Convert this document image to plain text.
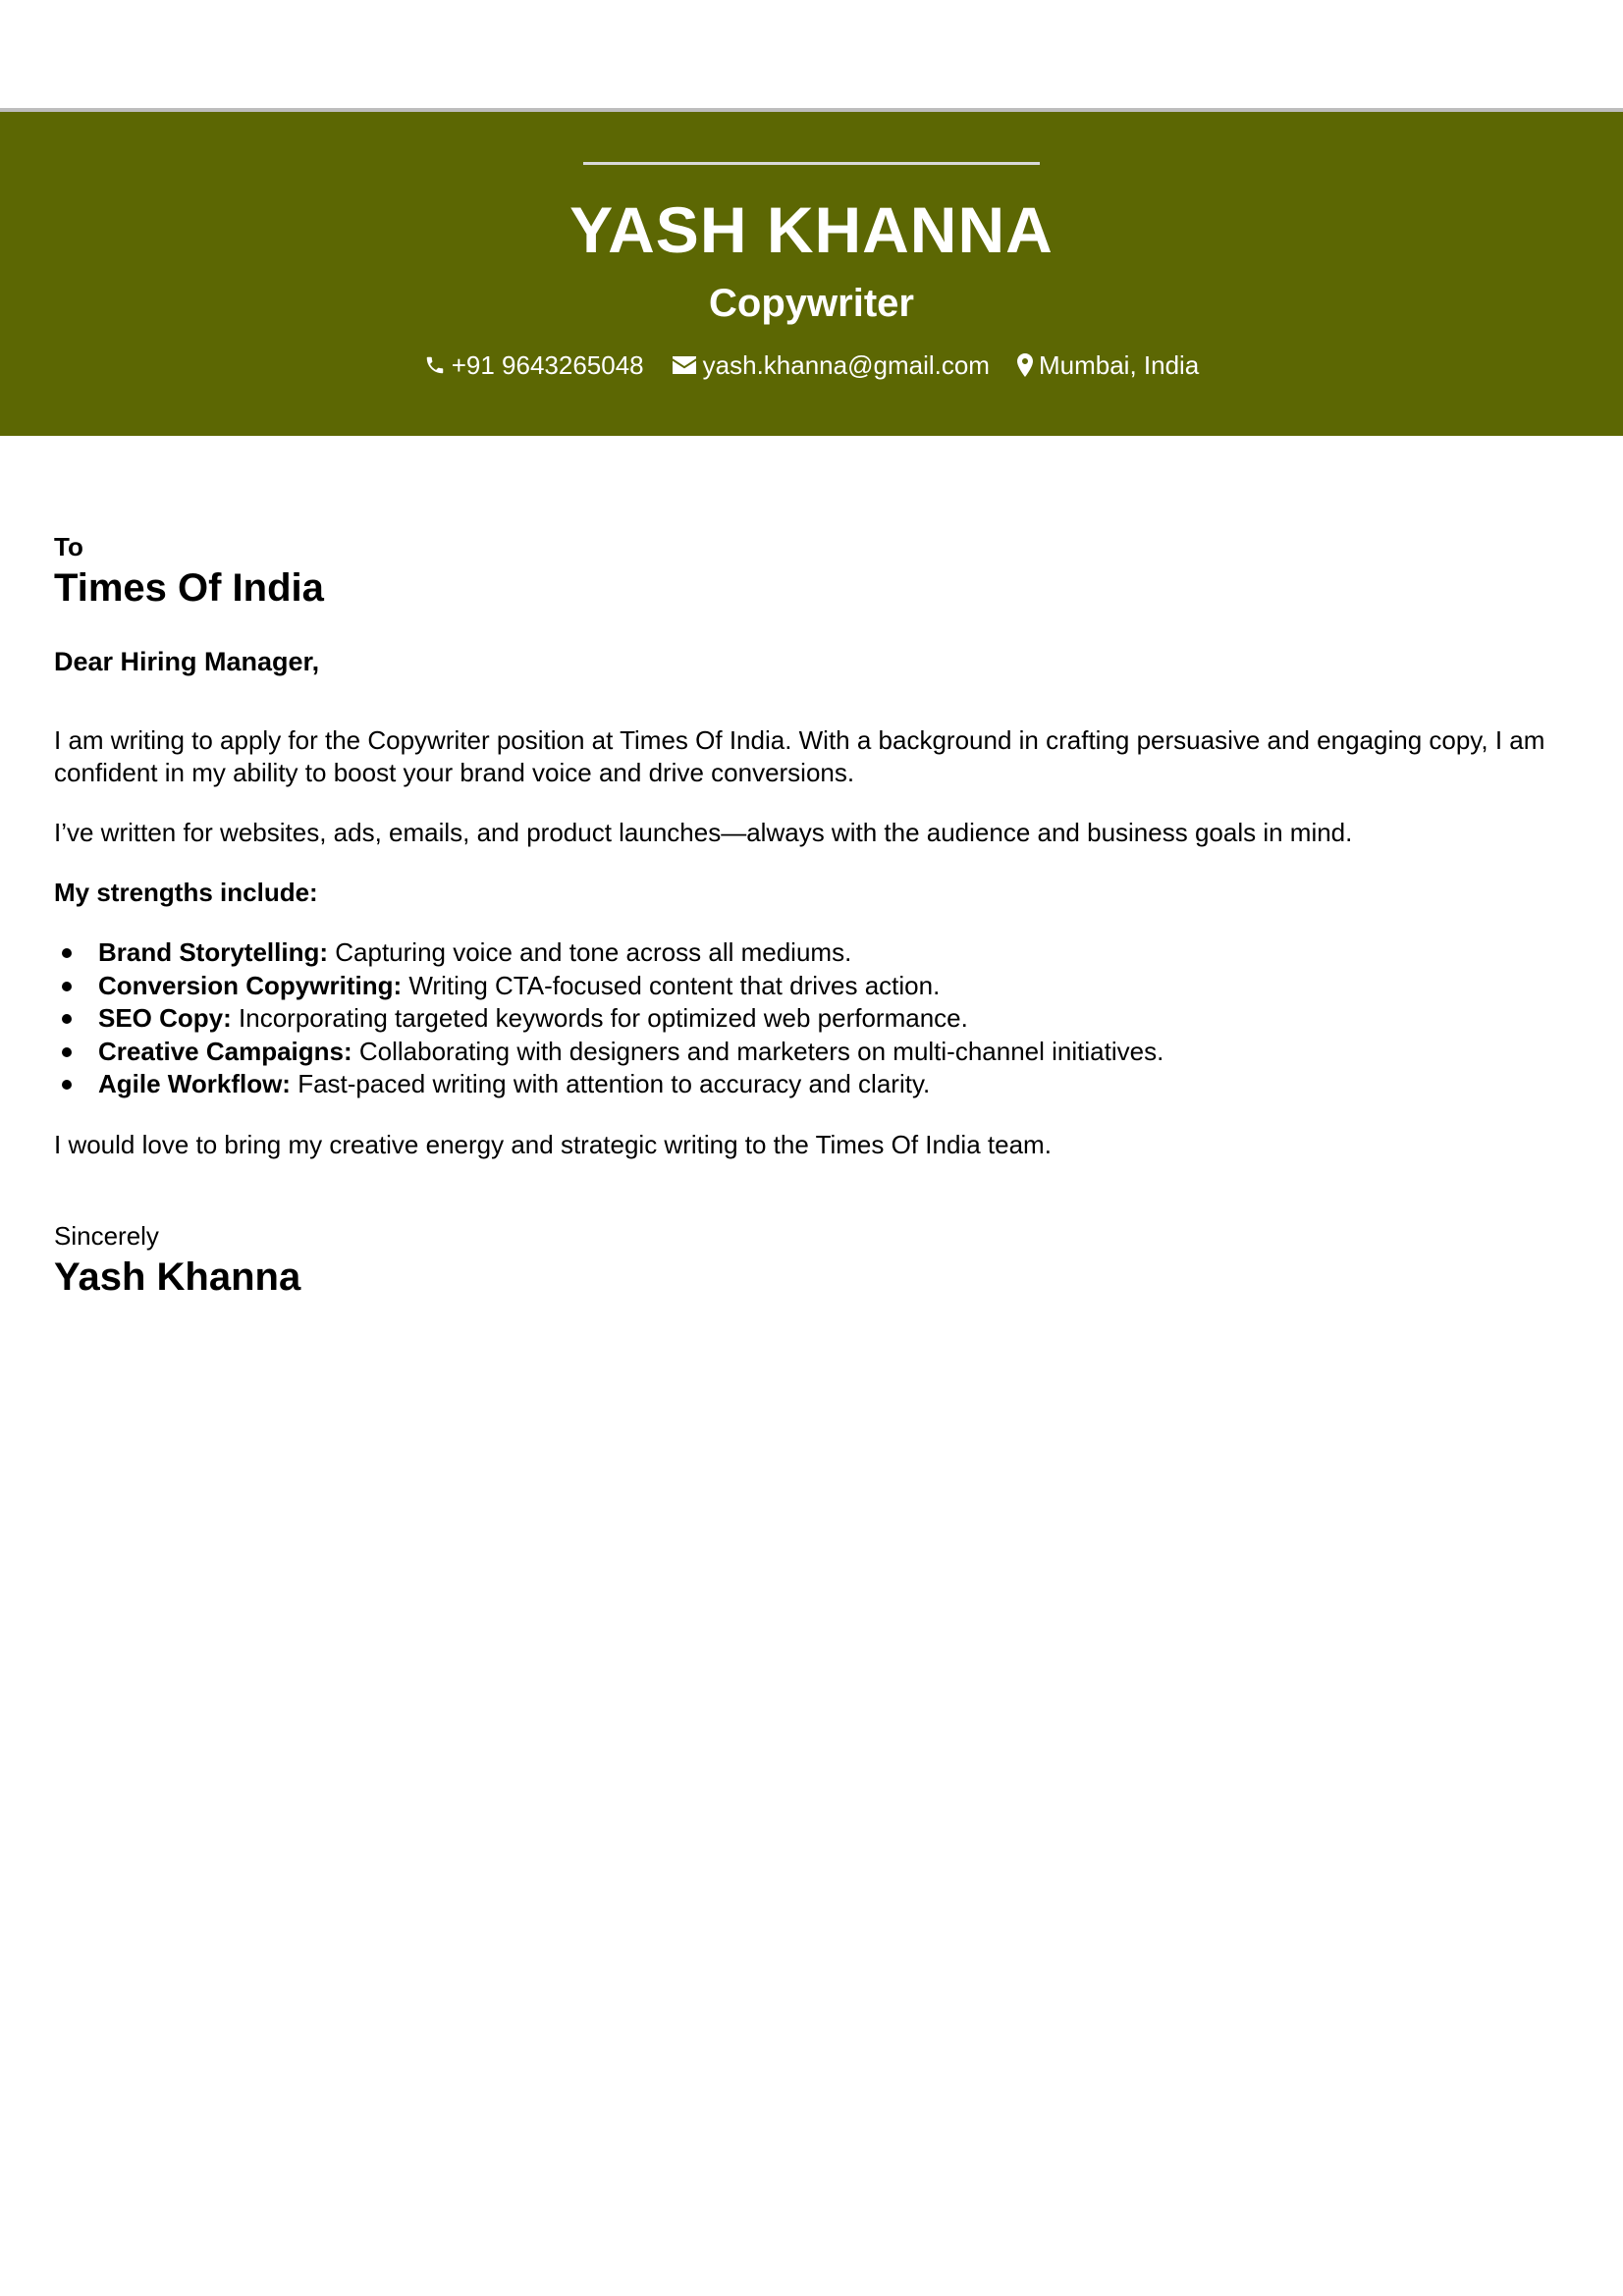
YASH KHANNA
Copywriter
+91 9643265048 yash.khanna@gmail.com Mumbai, India
To
Times Of India
Dear Hiring Manager,

I am writing to apply for the Copywriter position at Times Of India. With a background in crafting persuasive and engaging copy, I am confident in my ability to boost your brand voice and drive conversions.

I’ve written for websites, ads, emails, and product launches—always with the audience and business goals in mind.

My strengths include:
Brand Storytelling: Capturing voice and tone across all mediums.
Conversion Copywriting: Writing CTA-focused content that drives action.
SEO Copy: Incorporating targeted keywords for optimized web performance.
Creative Campaigns: Collaborating with designers and marketers on multi-channel initiatives.
Agile Workflow: Fast-paced writing with attention to accuracy and clarity.

I would love to bring my creative energy and strategic writing to the Times Of India team.

Sincerely
Yash Khanna
